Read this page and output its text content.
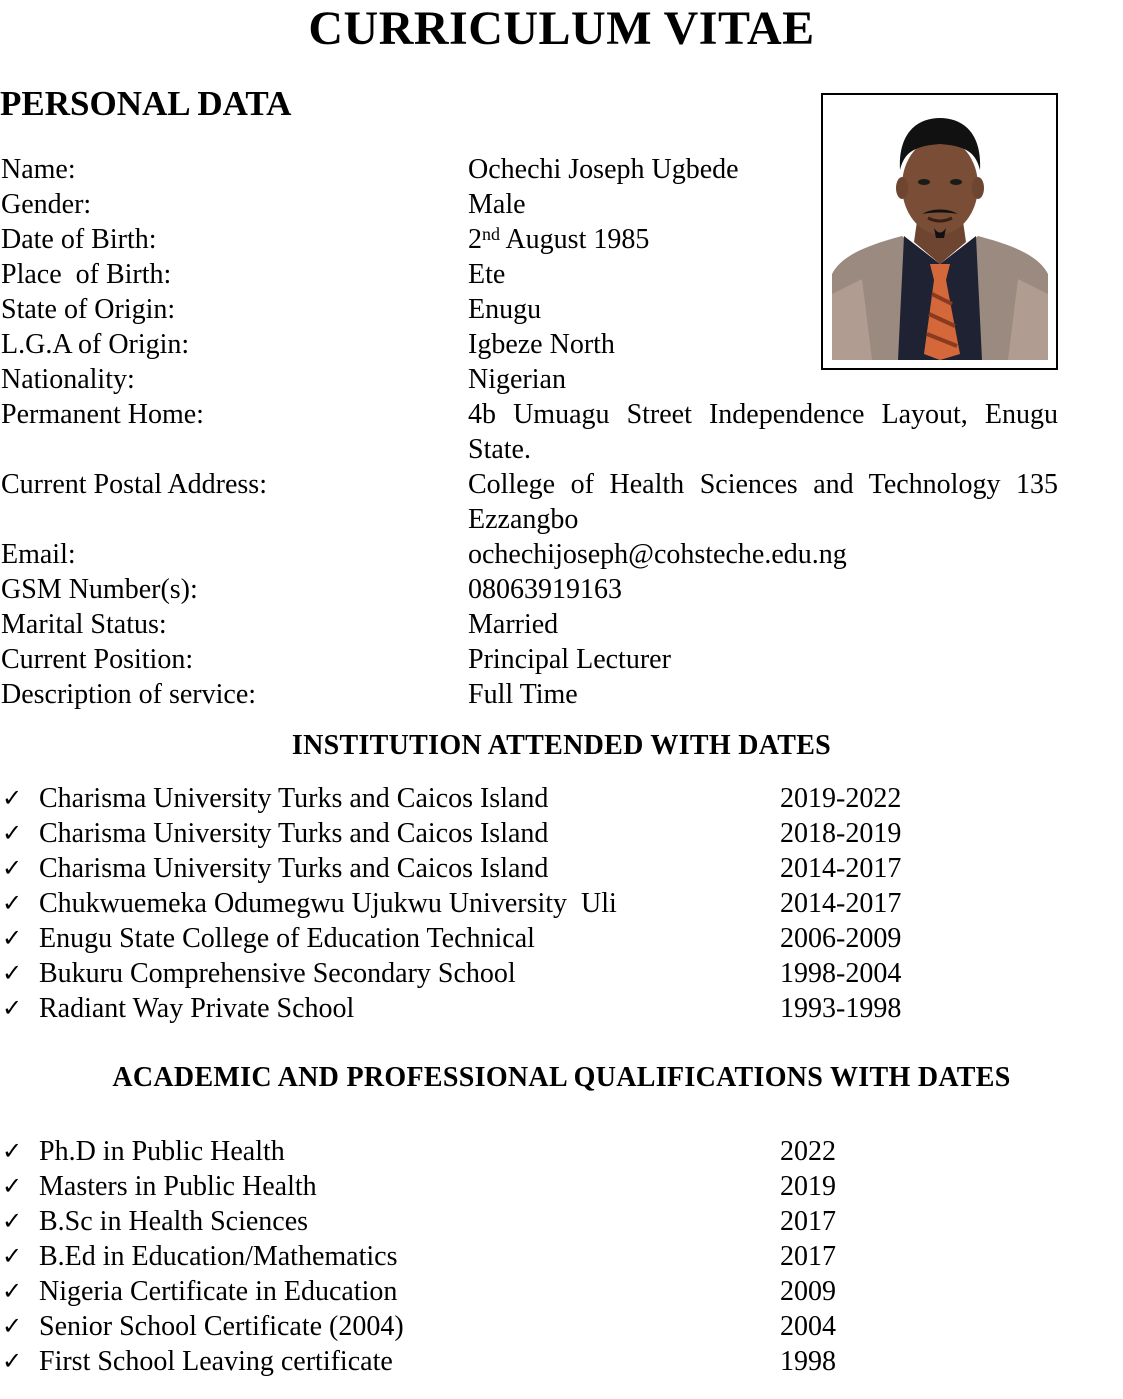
CURRICULUM VITAE
PERSONAL DATA
Name:	Ochechi Joseph Ugbede
Gender:	Male
Date of Birth:	2nd August 1985
Place  of Birth:	Ete
State of Origin:	Enugu
L.G.A of Origin:	Igbeze North
Nationality:	Nigerian
Permanent Home:	4b Umuagu Street Independence Layout, Enugu State.
Current Postal Address:	College of Health Sciences and Technology 135 Ezzangbo
Email:	ochechijoseph@cohsteche.edu.ng
GSM Number(s):	08063919163
Marital Status:	Married
Current Position:	Principal Lecturer
Description of service:	Full Time
INSTITUTION ATTENDED WITH DATES
✓ Charisma University Turks and Caicos Island	2019-2022
✓ Charisma University Turks and Caicos Island	2018-2019
✓ Charisma University Turks and Caicos Island	2014-2017
✓ Chukwuemeka Odumegwu Ujukwu University  Uli	2014-2017
✓ Enugu State College of Education Technical	2006-2009
✓ Bukuru Comprehensive Secondary School	1998-2004
✓ Radiant Way Private School	1993-1998
ACADEMIC AND PROFESSIONAL QUALIFICATIONS WITH DATES
✓ Ph.D in Public Health	2022
✓ Masters in Public Health	2019
✓ B.Sc in Health Sciences	2017
✓ B.Ed in Education/Mathematics	2017
✓ Nigeria Certificate in Education	2009
✓ Senior School Certificate (2004)	2004
✓ First School Leaving certificate	1998
